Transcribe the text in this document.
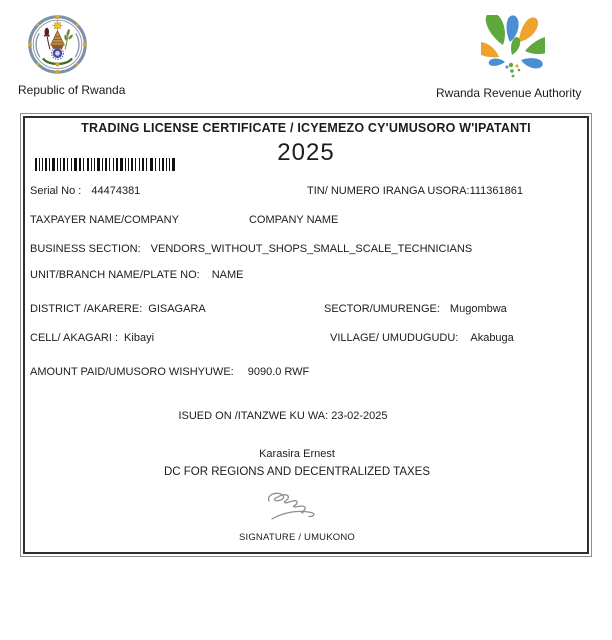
Republic of Rwanda	Rwanda Revenue Authority
TRADING LICENSE CERTIFICATE / ICYEMEZO CY'UMUSORO W'IPATANTI
2025
Serial No : 44474381	TIN/ NUMERO IRANGA USORA:111361861
TAXPAYER NAME/COMPANY	COMPANY NAME
BUSINESS SECTION: VENDORS_WITHOUT_SHOPS_SMALL_SCALE_TECHNICIANS
UNIT/BRANCH NAME/PLATE NO: NAME
DISTRICT /AKARERE: GISAGARA	SECTOR/UMURENGE: Mugombwa
CELL/ AKAGARI : Kibayi	VILLAGE/ UMUDUGUDU: Akabuga
AMOUNT PAID/UMUSORO WISHYUWE: 9090.0 RWF
ISUED ON /ITANZWE KU WA: 23-02-2025
Karasira Ernest
DC FOR REGIONS AND DECENTRALIZED TAXES
SIGNATURE / UMUKONO
